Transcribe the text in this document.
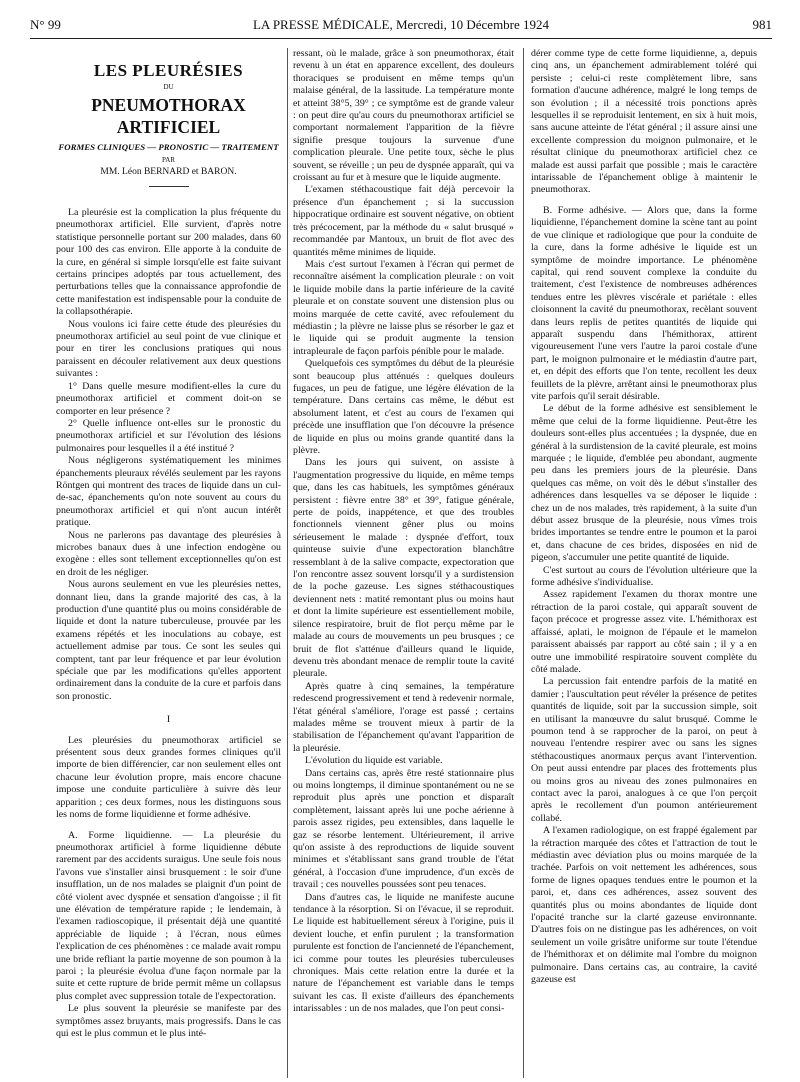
N° 99	LA PRESSE MÉDICALE, Mercredi, 10 Décembre 1924	981
LES PLEURÉSIES
DU
PNEUMOTHORAX ARTIFICIEL
FORMES CLINIQUES — PRONOSTIC — TRAITEMENT
PAR
MM. Léon BERNARD et BARON.

La pleurésie est la complication la plus fréquente du pneumothorax artificiel. Elle survient, d'après notre statistique personnelle portant sur 200 malades, dans 60 pour 100 des cas environ. Elle apporte à la conduite de la cure, en général si simple lorsqu'elle est faite suivant certains principes adoptés par tous actuellement, des perturbations telles que la connaissance approfondie de cette manifestation est indispensable pour la conduite de la collapsothérapie.

Nous voulons ici faire cette étude des pleurésies du pneumothorax artificiel au seul point de vue clinique et pour en tirer les conclusions pratiques qui nous paraissent en découler relativement aux deux questions suivantes :

1° Dans quelle mesure modifient-elles la cure du pneumothorax artificiel et comment doit-on se comporter en leur présence ?

2° Quelle influence ont-elles sur le pronostic du pneumothorax artificiel et sur l'évolution des lésions pulmonaires pour lesquelles il a été institué ?

Nous négligerons systématiquement les minimes épanchements pleuraux révélés seulement par les rayons Röntgen qui montrent des traces de liquide dans un cul-de-sac, épanchements qu'on note souvent au cours du pneumothorax artificiel et qui n'ont aucun intérêt pratique.

Nous ne parlerons pas davantage des pleurésies à microbes banaux dues à une infection endogène ou exogène : elles sont tellement exceptionnelles qu'on est en droit de les négliger.

Nous aurons seulement en vue les pleurésies nettes, donnant lieu, dans la grande majorité des cas, à la production d'une quantité plus ou moins considérable de liquide et dont la nature tuberculeuse, prouvée par les examens répétés et les inoculations au cobaye, est actuellement admise par tous. Ce sont les seules qui comptent, tant par leur fréquence et par leur évolution spéciale que par les modifications qu'elles apportent ordinairement dans la conduite de la cure et parfois dans son pronostic.

I

Les pleurésies du pneumothorax artificiel se présentent sous deux grandes formes cliniques qu'il importe de bien différencier, car non seulement elles ont chacune leur évolution propre, mais encore chacune impose une conduite particulière à suivre dès leur apparition ; ces deux formes, nous les distinguons sous les noms de forme liquidienne et forme adhésive.

A. Forme liquidienne. — La pleurésie du pneumothorax artificiel à forme liquidienne débute rarement par des accidents suraigus. Une seule fois nous l'avons vue s'installer ainsi brusquement : le soir d'une insufflation, un de nos malades se plaignit d'un point de côté violent avec dyspnée et sensation d'angoisse ; il fit une élévation de température rapide ; le lendemain, à l'examen radioscopique, il présentait déjà une quantité appréciable de liquide ; à l'écran, nous eûmes l'explication de ces phénomènes : ce malade avait rompu une bride refliant la partie moyenne de son poumon à la paroi ; la pleurésie évolua d'une façon normale par la suite et cette rupture de bride permit même un collapsus plus complet avec suppression totale de l'expectoration.

Le plus souvent la pleurésie se manifeste par des symptômes assez bruyants, mais progressifs. Dans le cas qui est le plus commun et le plus inté-

ressant, où le malade, grâce à son pneumothorax, était revenu à un état en apparence excellent, des douleurs thoraciques se produisent en même temps qu'un malaise général, de la lassitude. La température monte et atteint 38°5, 39° ; ce symptôme est de grande valeur : on peut dire qu'au cours du pneumothorax artificiel se comportant normalement l'apparition de la fièvre signifie presque toujours la survenue d'une complication pleurale. Une petite toux, sèche le plus souvent, se réveille ; un peu de dyspnée apparaît, qui va croissant au fur et à mesure que le liquide augmente.

L'examen stéthacoustique fait déjà percevoir la présence d'un épanchement ; si la succussion hippocratique ordinaire est souvent négative, on obtient très précocement, par la méthode du « salut brusqué » recommandée par Mantoux, un bruit de flot avec des quantités même minimes de liquide.

Mais c'est surtout l'examen à l'écran qui permet de reconnaître aisément la complication pleurale : on voit le liquide mobile dans la partie inférieure de la cavité pleurale et on constate souvent une distension plus ou moins marquée de cette cavité, avec refoulement du médiastin ; la plèvre ne laisse plus se résorber le gaz et le liquide qui se produit augmente la tension intrapleurale de façon parfois pénible pour le malade.

Quelquefois ces symptômes du début de la pleurésie sont beaucoup plus atténués : quelques douleurs fugaces, un peu de fatigue, une légère élévation de la température. Dans certains cas même, le début est absolument latent, et c'est au cours de l'examen qui précède une insufflation que l'on découvre la présence de liquide en plus ou moins grande quantité dans la plèvre.

Dans les jours qui suivent, on assiste à l'augmentation progressive du liquide, en même temps que, dans les cas habituels, les symptômes généraux persistent : fièvre entre 38° et 39°, fatigue générale, perte de poids, inappétence, et que des troubles fonctionnels viennent gêner plus ou moins sérieusement le malade : dyspnée d'effort, toux quinteuse suivie d'une expectoration blanchâtre ressemblant à de la salive compacte, expectoration que l'on rencontre assez souvent lorsqu'il y a surdistension de la poche gazeuse. Les signes stéthacoustiques deviennent nets : matité remontant plus ou moins haut et dont la limite supérieure est essentiellement mobile, silence respiratoire, bruit de flot perçu même par le malade au cours de mouvements un peu brusques ; ce bruit de flot s'atténue d'ailleurs quand le liquide, devenu très abondant menace de remplir toute la cavité pleurale.

Après quatre à cinq semaines, la température redescend progressivement et tend à redevenir normale, l'état général s'améliore, l'orage est passé ; certains malades même se trouvent mieux à partir de la stabilisation de l'épanchement qu'avant l'apparition de la pleurésie.

L'évolution du liquide est variable.

Dans certains cas, après être resté stationnaire plus ou moins longtemps, il diminue spontanément ou ne se reproduit plus après une ponction et disparaît complètement, laissant après lui une poche aérienne à parois assez rigides, peu extensibles, dans laquelle le gaz se résorbe lentement. Ultérieurement, il arrive qu'on assiste à des reproductions de liquide souvent minimes et s'établissant sans grand trouble de l'état général, à l'occasion d'une imprudence, d'un excès de travail ; ces nouvelles poussées sont peu tenaces.

Dans d'autres cas, le liquide ne manifeste aucune tendance à la résorption. Si on l'évacue, il se reproduit. Le liquide est habituellement séreux à l'origine, puis il devient louche, et enfin purulent ; la transformation purulente est fonction de l'ancienneté de l'épanchement, ici comme pour toutes les pleurésies tuberculeuses chroniques. Mais cette relation entre la durée et la nature de l'épanchement est variable dans le temps suivant les cas. Il existe d'ailleurs des épanchements intarissables : un de nos malades, que l'on peut consi-

dérer comme type de cette forme liquidienne, a, depuis cinq ans, un épanchement admirablement toléré qui persiste ; celui-ci reste complètement libre, sans formation d'aucune adhérence, malgré le long temps de son évolution ; il a nécessité trois ponctions après lesquelles il se reproduisit lentement, en six à huit mois, sans aucune atteinte de l'état général ; il assure ainsi une excellente compression du moignon pulmonaire, et le résultat clinique du pneumothorax artificiel chez ce malade est aussi parfait que possible ; mais le caractère intarissable de l'épanchement oblige à maintenir le pneumothorax.

B. Forme adhésive. — Alors que, dans la forme liquidienne, l'épanchement domine la scène tant au point de vue clinique et radiologique que pour la conduite de la cure, dans la forme adhésive le liquide est un symptôme de moindre importance. Le phénomène capital, qui rend souvent complexe la conduite du traitement, c'est l'existence de nombreuses adhérences tendues entre les plèvres viscérale et pariétale : elles cloisonnent la cavité du pneumothorax, recèlant souvent dans leurs replis de petites quantités de liquide qui apparaît suspendu dans l'hémithorax, attirent vigoureusement l'une vers l'autre la paroi costale d'une part, le moignon pulmonaire et le médiastin d'autre part, et, en dépit des efforts que l'on tente, recollent les deux feuillets de la plèvre, arrêtant ainsi le pneumothorax plus vite parfois qu'il serait désirable.

Le début de la forme adhésive est sensiblement le même que celui de la forme liquidienne. Peut-être les douleurs sont-elles plus accentuées ; la dyspnée, due en général à la surdistension de la cavité pleurale, est moins marquée ; le liquide, d'emblée peu abondant, augmente peu dans les premiers jours de la pleurésie. Dans quelques cas même, on voit dès le début s'installer des adhérences dans lesquelles va se déposer le liquide : chez un de nos malades, très rapidement, à la suite d'un début assez brusque de la pleurésie, nous vîmes trois brides importantes se tendre entre le poumon et la paroi et, dans chacune de ces brides, disposées en nid de pigeon, s'accumuler une petite quantité de liquide.

C'est surtout au cours de l'évolution ultérieure que la forme adhésive s'individualise.

Assez rapidement l'examen du thorax montre une rétraction de la paroi costale, qui apparaît souvent de façon précoce et progresse assez vite. L'hémithorax est affaissé, aplati, le moignon de l'épaule et le mamelon paraissent abaissés par rapport au côté sain ; il y a en outre une immobilité respiratoire souvent complète du côté malade.

La percussion fait entendre parfois de la matité en damier ; l'auscultation peut révéler la présence de petites quantités de liquide, soit par la succussion simple, soit en utilisant la manœuvre du salut brusqué. Comme le poumon tend à se rapprocher de la paroi, on peut à nouveau l'entendre respirer avec ou sans les signes stéthacoustiques anormaux perçus avant l'intervention. On peut aussi entendre par places des frottements plus ou moins gros au niveau des zones pulmonaires en contact avec la paroi, analogues à ce que l'on perçoit après le recollement d'un poumon antérieurement collabé.

A l'examen radiologique, on est frappé également par la rétraction marquée des côtes et l'attraction de tout le médiastin avec déviation plus ou moins marquée de la trachée. Parfois on voit nettement les adhérences, sous forme de lignes opaques tendues entre le poumon et la paroi, et, dans ces adhérences, assez souvent des quantités plus ou moins abondantes de liquide dont l'opacité tranche sur la clarté gazeuse environnante. D'autres fois on ne distingue pas les adhérences, on voit seulement un voile grisâtre uniforme sur toute l'étendue de l'hémithorax et on délimite mal l'ombre du moignon pulmonaire. Dans certains cas, au contraire, la cavité gazeuse est
